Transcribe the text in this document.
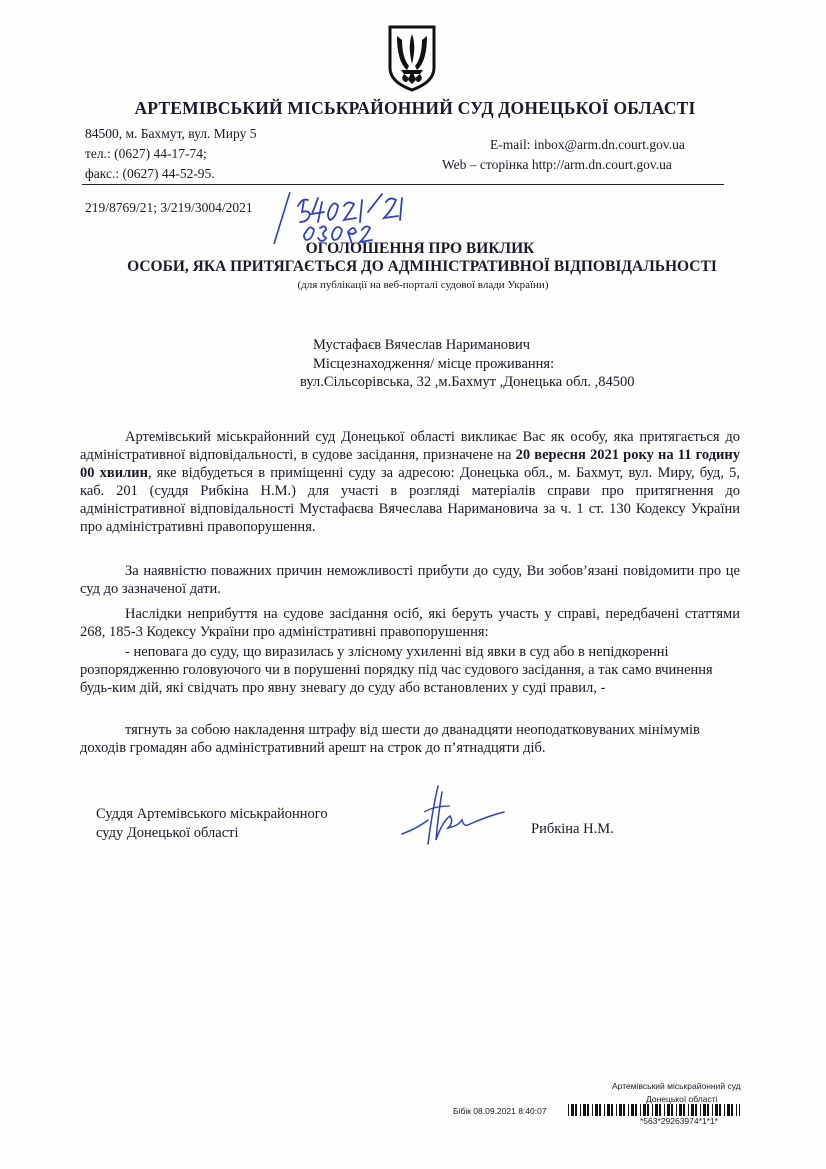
АРТЕМІВСЬКИЙ МІСЬКРАЙОННИЙ СУД ДОНЕЦЬКОЇ ОБЛАСТІ
84500, м. Бахмут, вул. Миру 5
тел.: (0627) 44-17-74;
факс.: (0627) 44-52-95.
E-mail: inbox@arm.dn.court.gov.ua
Web – сторінка http://arm.dn.court.gov.ua
219/8769/21; 3/219/3004/2021
ОГОЛОШЕННЯ ПРО ВИКЛИК
ОСОБИ, ЯКА ПРИТЯГАЄТЬСЯ ДО АДМІНІСТРАТИВНОЇ ВІДПОВІДАЛЬНОСТІ
(для публікації на веб-порталі судової влади України)
Мустафаєв Вячеслав Нариманович
Місцезнаходження/ місце проживання:
вул.Сільсорівська, 32 ,м.Бахмут ,Донецька обл. ,84500
Артемівський міськрайонний суд Донецької області викликає Вас як особу, яка притягається до адміністративної відповідальності, в судове засідання, призначене на 20 вересня 2021 року на 11 годину 00 хвилин, яке відбудеться в приміщенні суду за адресою: Донецька обл., м. Бахмут, вул. Миру, буд, 5, каб. 201 (суддя Рибкіна Н.М.) для участі в розгляді матеріалів справи про притягнення до адміністративної відповідальності Мустафаєва Вячеслава Наримановича за ч. 1 ст. 130 Кодексу України про адміністративні правопорушення.
За наявністю поважних причин неможливості прибути до суду, Ви зобов’язані повідомити про це суд до зазначеної дати.
Наслідки неприбуття на судове засідання осіб, які беруть участь у справі, передбачені статтями 268, 185-3 Кодексу України про адміністративні правопорушення:
- неповага до суду, що виразилась у злісному ухиленні від явки в суд або в непідкоренні розпорядженню головуючого чи в порушенні порядку під час судового засідання, а так само вчинення будь-ким дій, які свідчать про явну зневагу до суду або встановлених у суді правил, -
тягнуть за собою накладення штрафу від шести до дванадцяти неоподатковуваних мінімумів доходів громадян або адміністративний арешт на строк до п’ятнадцяти діб.
Суддя Артемівського міськрайонного
суду Донецької області	Рибкіна Н.М.
Артемівський міськрайонний суд
Донецької області
Бібік 08.09.2021 8:40:07
*563*29263974*1*1*
